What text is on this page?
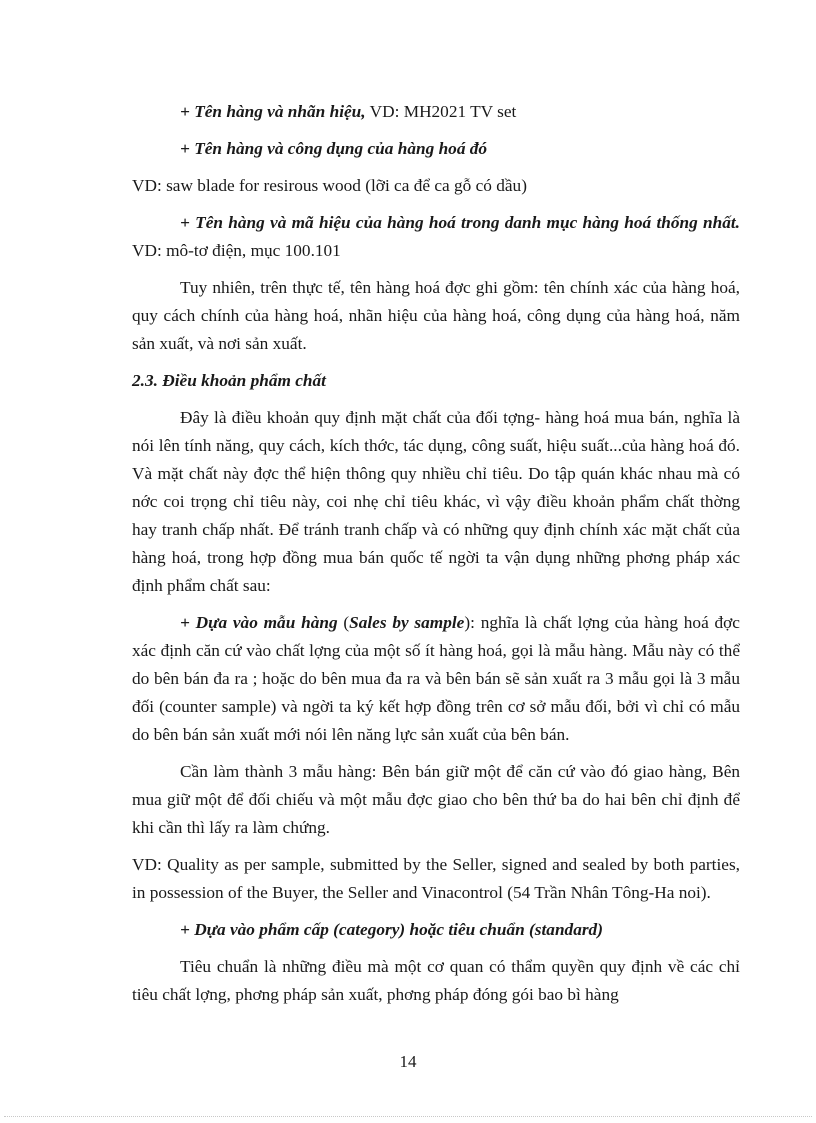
+ Tên hàng và nhãn hiệu, VD: MH2021 TV set

+ Tên hàng và công dụng của hàng hoá đó

VD: saw blade for resirous wood (lỡi ca để ca gỗ có dầu)

+ Tên hàng và mã hiệu của hàng hoá trong danh mục hàng hoá thống nhất. VD: mô-tơ điện, mục 100.101

Tuy nhiên, trên thực tế, tên hàng hoá đợc ghi gồm: tên chính xác của hàng hoá, quy cách chính của hàng hoá, nhãn hiệu của hàng hoá, công dụng của hàng hoá, năm sản xuất, và nơi sản xuất.

2.3. Điều khoản phẩm chất

Đây là điều khoản quy định mặt chất của đối tợng- hàng hoá mua bán, nghĩa là nói lên tính năng, quy cách, kích thớc, tác dụng, công suất, hiệu suất...của hàng hoá đó. Và mặt chất này đợc thể hiện thông quy nhiều chỉ tiêu. Do tập quán khác nhau mà có nớc coi trọng chỉ tiêu này, coi nhẹ chỉ tiêu khác, vì vậy điều khoản phẩm chất thờng hay tranh chấp nhất. Để tránh tranh chấp và có những quy định chính xác mặt chất của hàng hoá, trong hợp đồng mua bán quốc tế ngời ta vận dụng những phơng pháp xác định phẩm chất sau:

+ Dựa vào mẫu hàng (Sales by sample): nghĩa là chất lợng của hàng hoá đợc xác định căn cứ vào chất lợng của một số ít hàng hoá, gọi là mẫu hàng. Mẫu này có thể do bên bán đa ra ; hoặc do bên mua đa ra và bên bán sẽ sản xuất ra 3 mẫu gọi là 3 mẫu đối (counter sample) và ngời ta ký kết hợp đồng trên cơ sở mẫu đối, bởi vì chỉ có mẫu do bên bán sản xuất mới nói lên năng lực sản xuất của bên bán.

Cần làm thành 3 mẫu hàng: Bên bán giữ một để căn cứ vào đó giao hàng, Bên mua giữ một để đối chiếu và một mẫu đợc giao cho bên thứ ba do hai bên chỉ định để khi cần thì lấy ra làm chứng.

VD: Quality as per sample, submitted by the Seller, signed and sealed by both parties, in possession of the Buyer, the Seller and Vinacontrol (54 Trần Nhân Tông-Ha noi).

+ Dựa vào phẩm cấp (category) hoặc tiêu chuẩn (standard)

Tiêu chuẩn là những điều mà một cơ quan có thẩm quyền quy định về các chỉ tiêu chất lợng, phơng pháp sản xuất, phơng pháp đóng gói bao bì hàng

14
